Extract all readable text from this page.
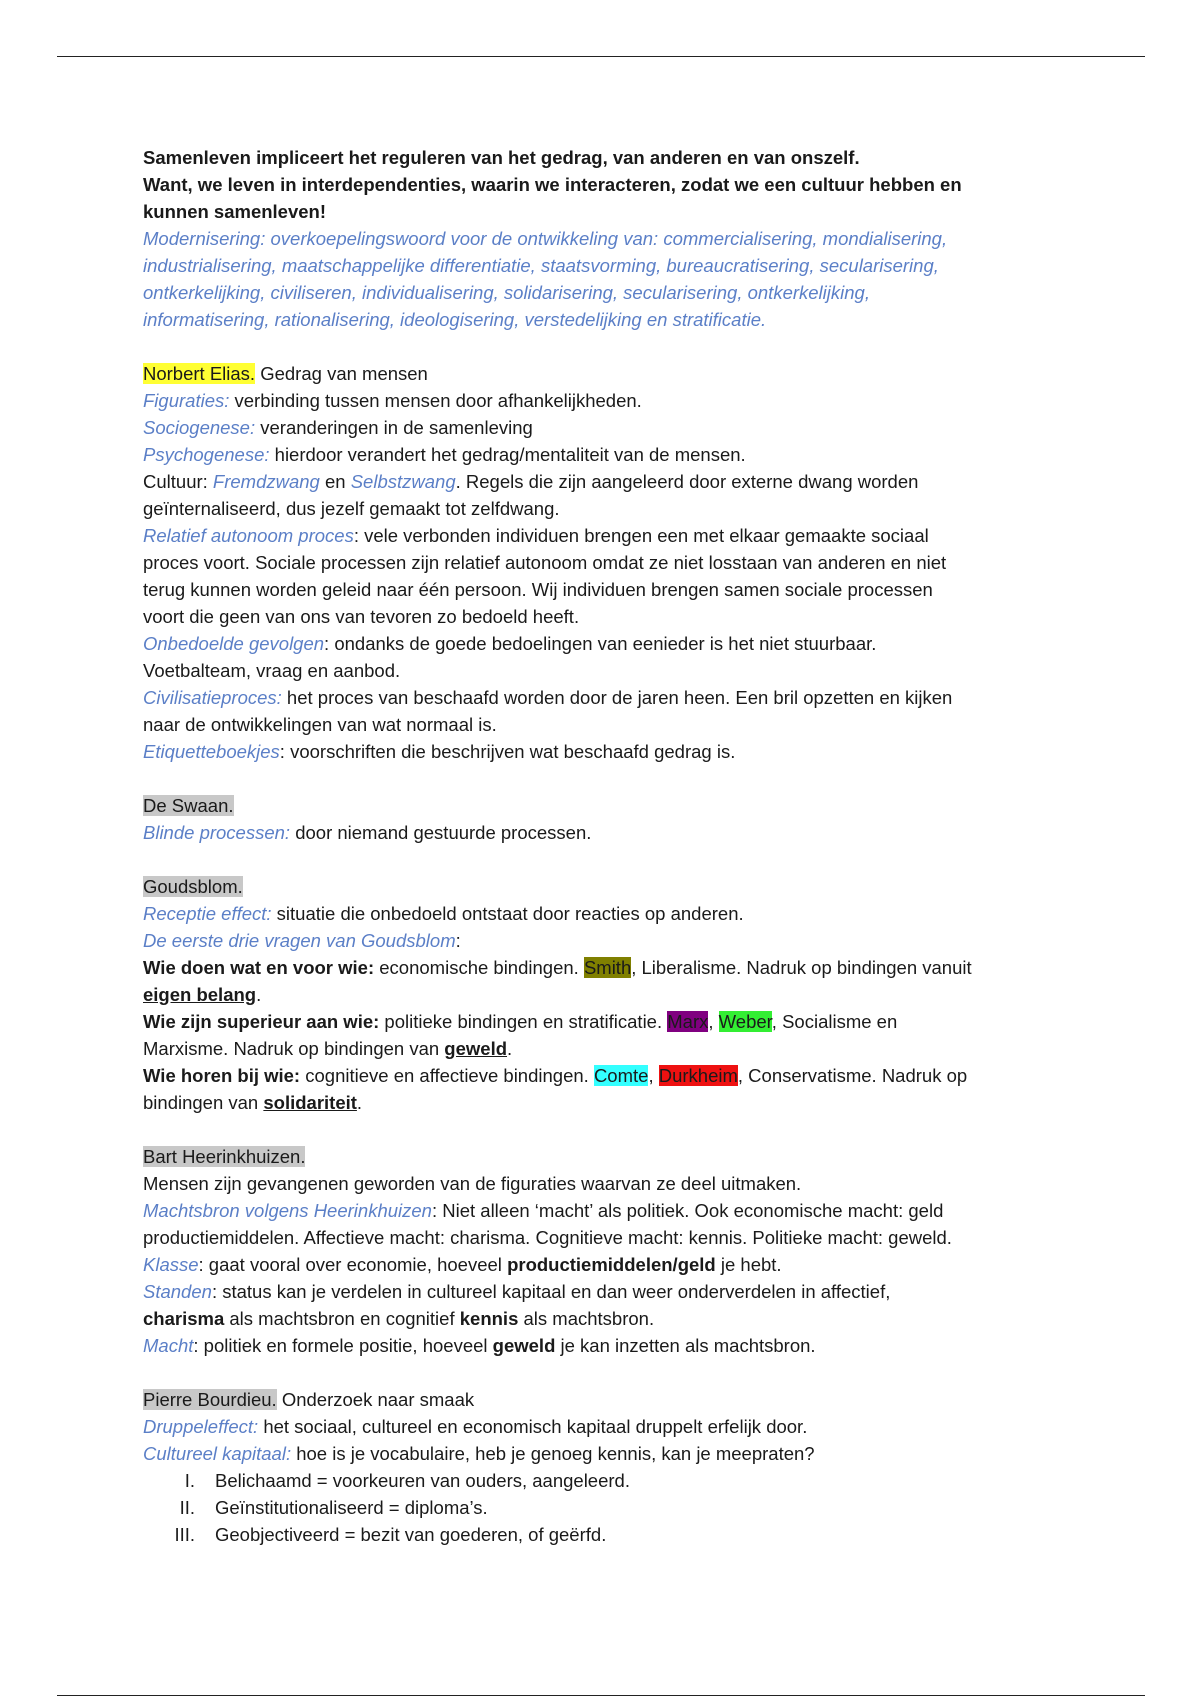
Samenleven impliceert het reguleren van het gedrag, van anderen en van onszelf.
Want, we leven in interdependenties, waarin we interacteren, zodat we een cultuur hebben en
kunnen samenleven!
Modernisering: overkoepelingswoord voor de ontwikkeling van: commercialisering, mondialisering,
industrialisering, maatschappelijke differentiatie, staatsvorming, bureaucratisering, secularisering,
ontkerkelijking, civiliseren, individualisering, solidarisering, secularisering, ontkerkelijking,
informatisering, rationalisering, ideologisering, verstedelijking en stratificatie.
Norbert Elias. Gedrag van mensen
Figuraties: verbinding tussen mensen door afhankelijkheden.
Sociogenese: veranderingen in de samenleving
Psychogenese: hierdoor verandert het gedrag/mentaliteit van de mensen.
Cultuur: Fremdzwang en Selbstzwang. Regels die zijn aangeleerd door externe dwang worden
geïnternaliseerd, dus jezelf gemaakt tot zelfdwang.
Relatief autonoom proces: vele verbonden individuen brengen een met elkaar gemaakte sociaal
proces voort. Sociale processen zijn relatief autonoom omdat ze niet losstaan van anderen en niet
terug kunnen worden geleid naar één persoon. Wij individuen brengen samen sociale processen
voort die geen van ons van tevoren zo bedoeld heeft.
Onbedoelde gevolgen: ondanks de goede bedoelingen van eenieder is het niet stuurbaar.
Voetbalteam, vraag en aanbod.
Civilisatieproces: het proces van beschaafd worden door de jaren heen. Een bril opzetten en kijken
naar de ontwikkelingen van wat normaal is.
Etiquetteboekjes: voorschriften die beschrijven wat beschaafd gedrag is.
De Swaan.
Blinde processen: door niemand gestuurde processen.
Goudsblom.
Receptie effect: situatie die onbedoeld ontstaat door reacties op anderen.
De eerste drie vragen van Goudsblom:
Wie doen wat en voor wie: economische bindingen. Smith, Liberalisme. Nadruk op bindingen vanuit
eigen belang.
Wie zijn superieur aan wie: politieke bindingen en stratificatie. Marx, Weber, Socialisme en
Marxisme. Nadruk op bindingen van geweld.
Wie horen bij wie: cognitieve en affectieve bindingen. Comte, Durkheim, Conservatisme. Nadruk op
bindingen van solidariteit.
Bart Heerinkhuizen.
Mensen zijn gevangenen geworden van de figuraties waarvan ze deel uitmaken.
Machtsbron volgens Heerinkhuizen: Niet alleen ‘macht’ als politiek. Ook economische macht: geld
productiemiddelen. Affectieve macht: charisma. Cognitieve macht: kennis. Politieke macht: geweld.
Klasse: gaat vooral over economie, hoeveel productiemiddelen/geld je hebt.
Standen: status kan je verdelen in cultureel kapitaal en dan weer onderverdelen in affectief,
charisma als machtsbron en cognitief kennis als machtsbron.
Macht: politiek en formele positie, hoeveel geweld je kan inzetten als machtsbron.
Pierre Bourdieu. Onderzoek naar smaak
Druppeleffect: het sociaal, cultureel en economisch kapitaal druppelt erfelijk door.
Cultureel kapitaal: hoe is je vocabulaire, heb je genoeg kennis, kan je meepraten?
I. Belichaamd = voorkeuren van ouders, aangeleerd.
II. Geïnstitutionaliseerd = diploma’s.
III. Geobjectiveerd = bezit van goederen, of geërfd.
